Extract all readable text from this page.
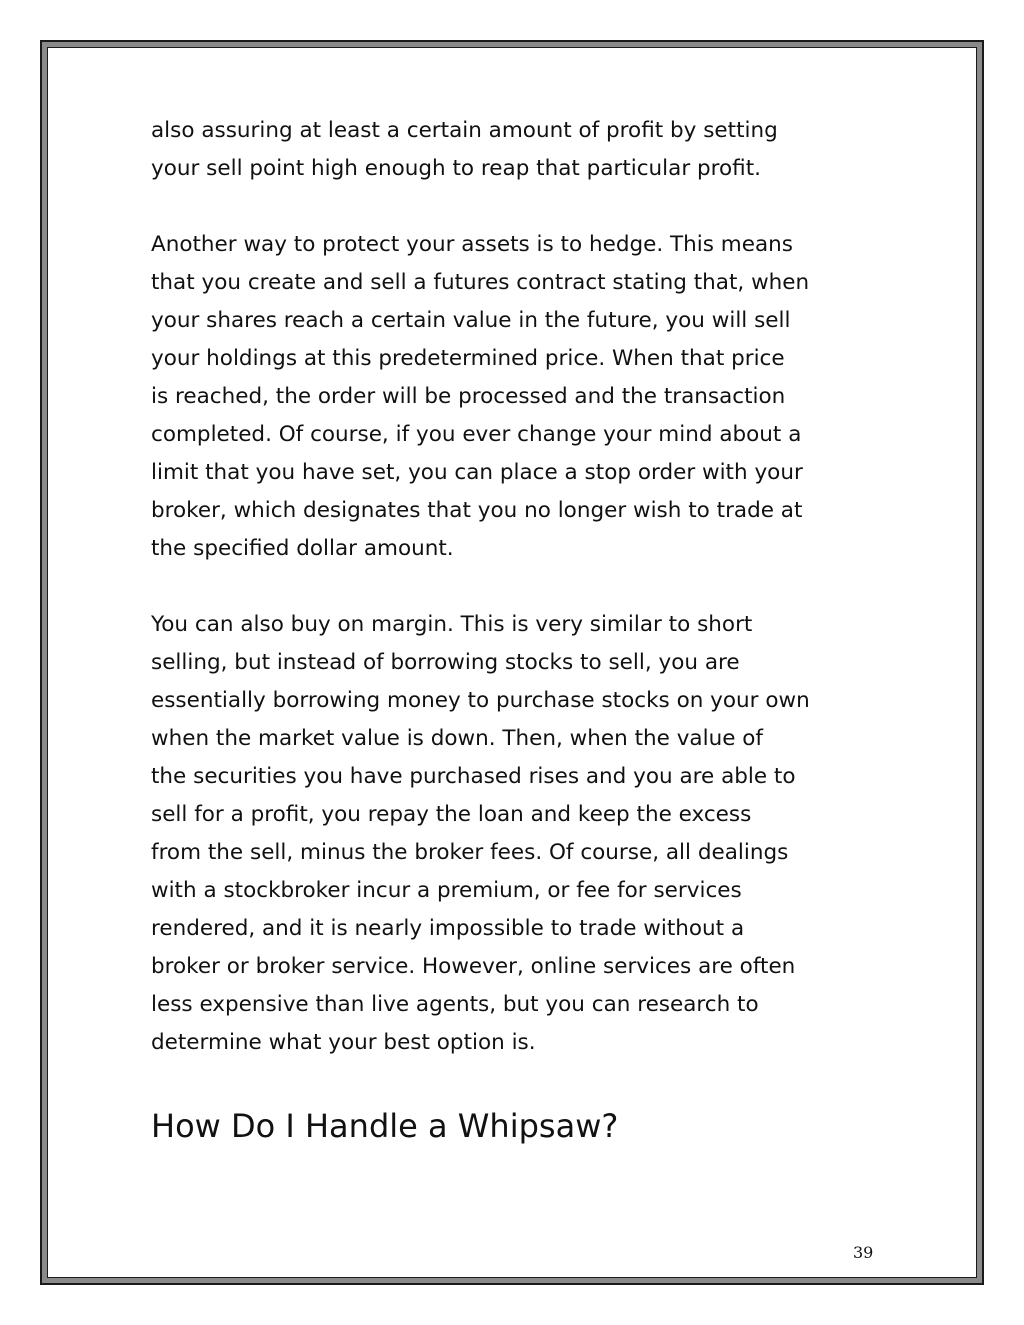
also assuring at least a certain amount of profit by setting
your sell point high enough to reap that particular profit.

Another way to protect your assets is to hedge. This means
that you create and sell a futures contract stating that, when
your shares reach a certain value in the future, you will sell
your holdings at this predetermined price. When that price
is reached, the order will be processed and the transaction
completed. Of course, if you ever change your mind about a
limit that you have set, you can place a stop order with your
broker, which designates that you no longer wish to trade at
the specified dollar amount.

You can also buy on margin. This is very similar to short
selling, but instead of borrowing stocks to sell, you are
essentially borrowing money to purchase stocks on your own
when the market value is down. Then, when the value of
the securities you have purchased rises and you are able to
sell for a profit, you repay the loan and keep the excess
from the sell, minus the broker fees. Of course, all dealings
with a stockbroker incur a premium, or fee for services
rendered, and it is nearly impossible to trade without a
broker or broker service. However, online services are often
less expensive than live agents, but you can research to
determine what your best option is.

How Do I Handle a Whipsaw?
39
